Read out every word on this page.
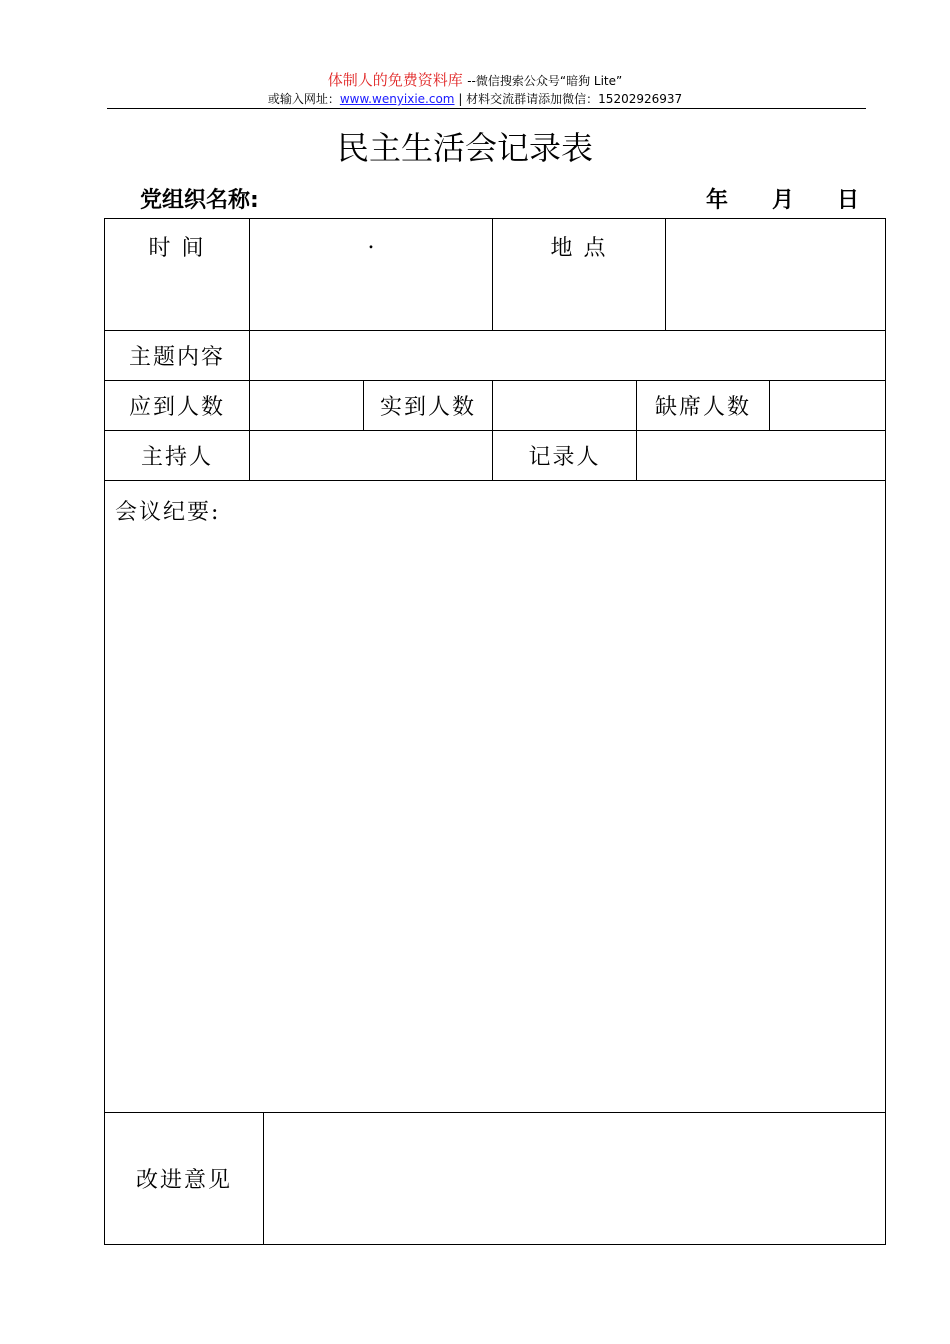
体制人的免费资料库 --微信搜索公众号“暗狗 Lite”
或输入网址：www.wenyixie.com | 材料交流群请添加微信：15202926937
民主生活会记录表
党组织名称:	年 月 日
时 间	.			地 点			
主题内容							
应到人数			实到人数		缺席人数		
主持人				记录人			
会议纪要:							
改进意见							
